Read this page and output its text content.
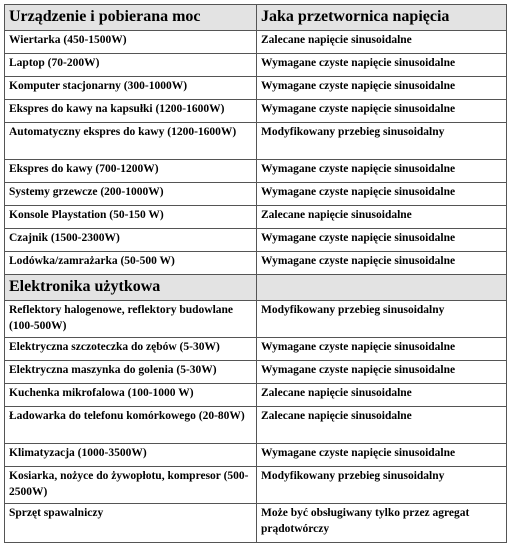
Urządzenie i pobierana moc	Jaka przetwornica napięcia
Wiertarka (450-1500W)	Zalecane napięcie sinusoidalne
Laptop (70-200W)	Wymagane czyste napięcie sinusoidalne
Komputer stacjonarny (300-1000W)	Wymagane czyste napięcie sinusoidalne
Ekspres do kawy na kapsułki (1200-1600W)	Wymagane czyste napięcie sinusoidalne
Automatyczny ekspres do kawy (1200-1600W)	Modyfikowany przebieg sinusoidalny
Ekspres do kawy (700-1200W)	Wymagane czyste napięcie sinusoidalne
Systemy grzewcze (200-1000W)	Wymagane czyste napięcie sinusoidalne
Konsole Playstation (50-150 W)	Zalecane napięcie sinusoidalne
Czajnik (1500-2300W)	Wymagane czyste napięcie sinusoidalne
Lodówka/zamrażarka (50-500 W)	Wymagane czyste napięcie sinusoidalne
Elektronika użytkowa	
Reflektory halogenowe, reflektory budowlane (100-500W)	Modyfikowany przebieg sinusoidalny
Elektryczna szczoteczka do zębów (5-30W)	Wymagane czyste napięcie sinusoidalne
Elektryczna maszynka do golenia (5-30W)	Wymagane czyste napięcie sinusoidalne
Kuchenka mikrofalowa (100-1000 W)	Zalecane napięcie sinusoidalne
Ładowarka do telefonu komórkowego (20-80W)	Zalecane napięcie sinusoidalne
Klimatyzacja (1000-3500W)	Wymagane czyste napięcie sinusoidalne
Kosiarka, nożyce do żywopłotu, kompresor (500-2500W)	Modyfikowany przebieg sinusoidalny
Sprzęt spawalniczy	Może być obsługiwany tylko przez agregat prądotwórczy
